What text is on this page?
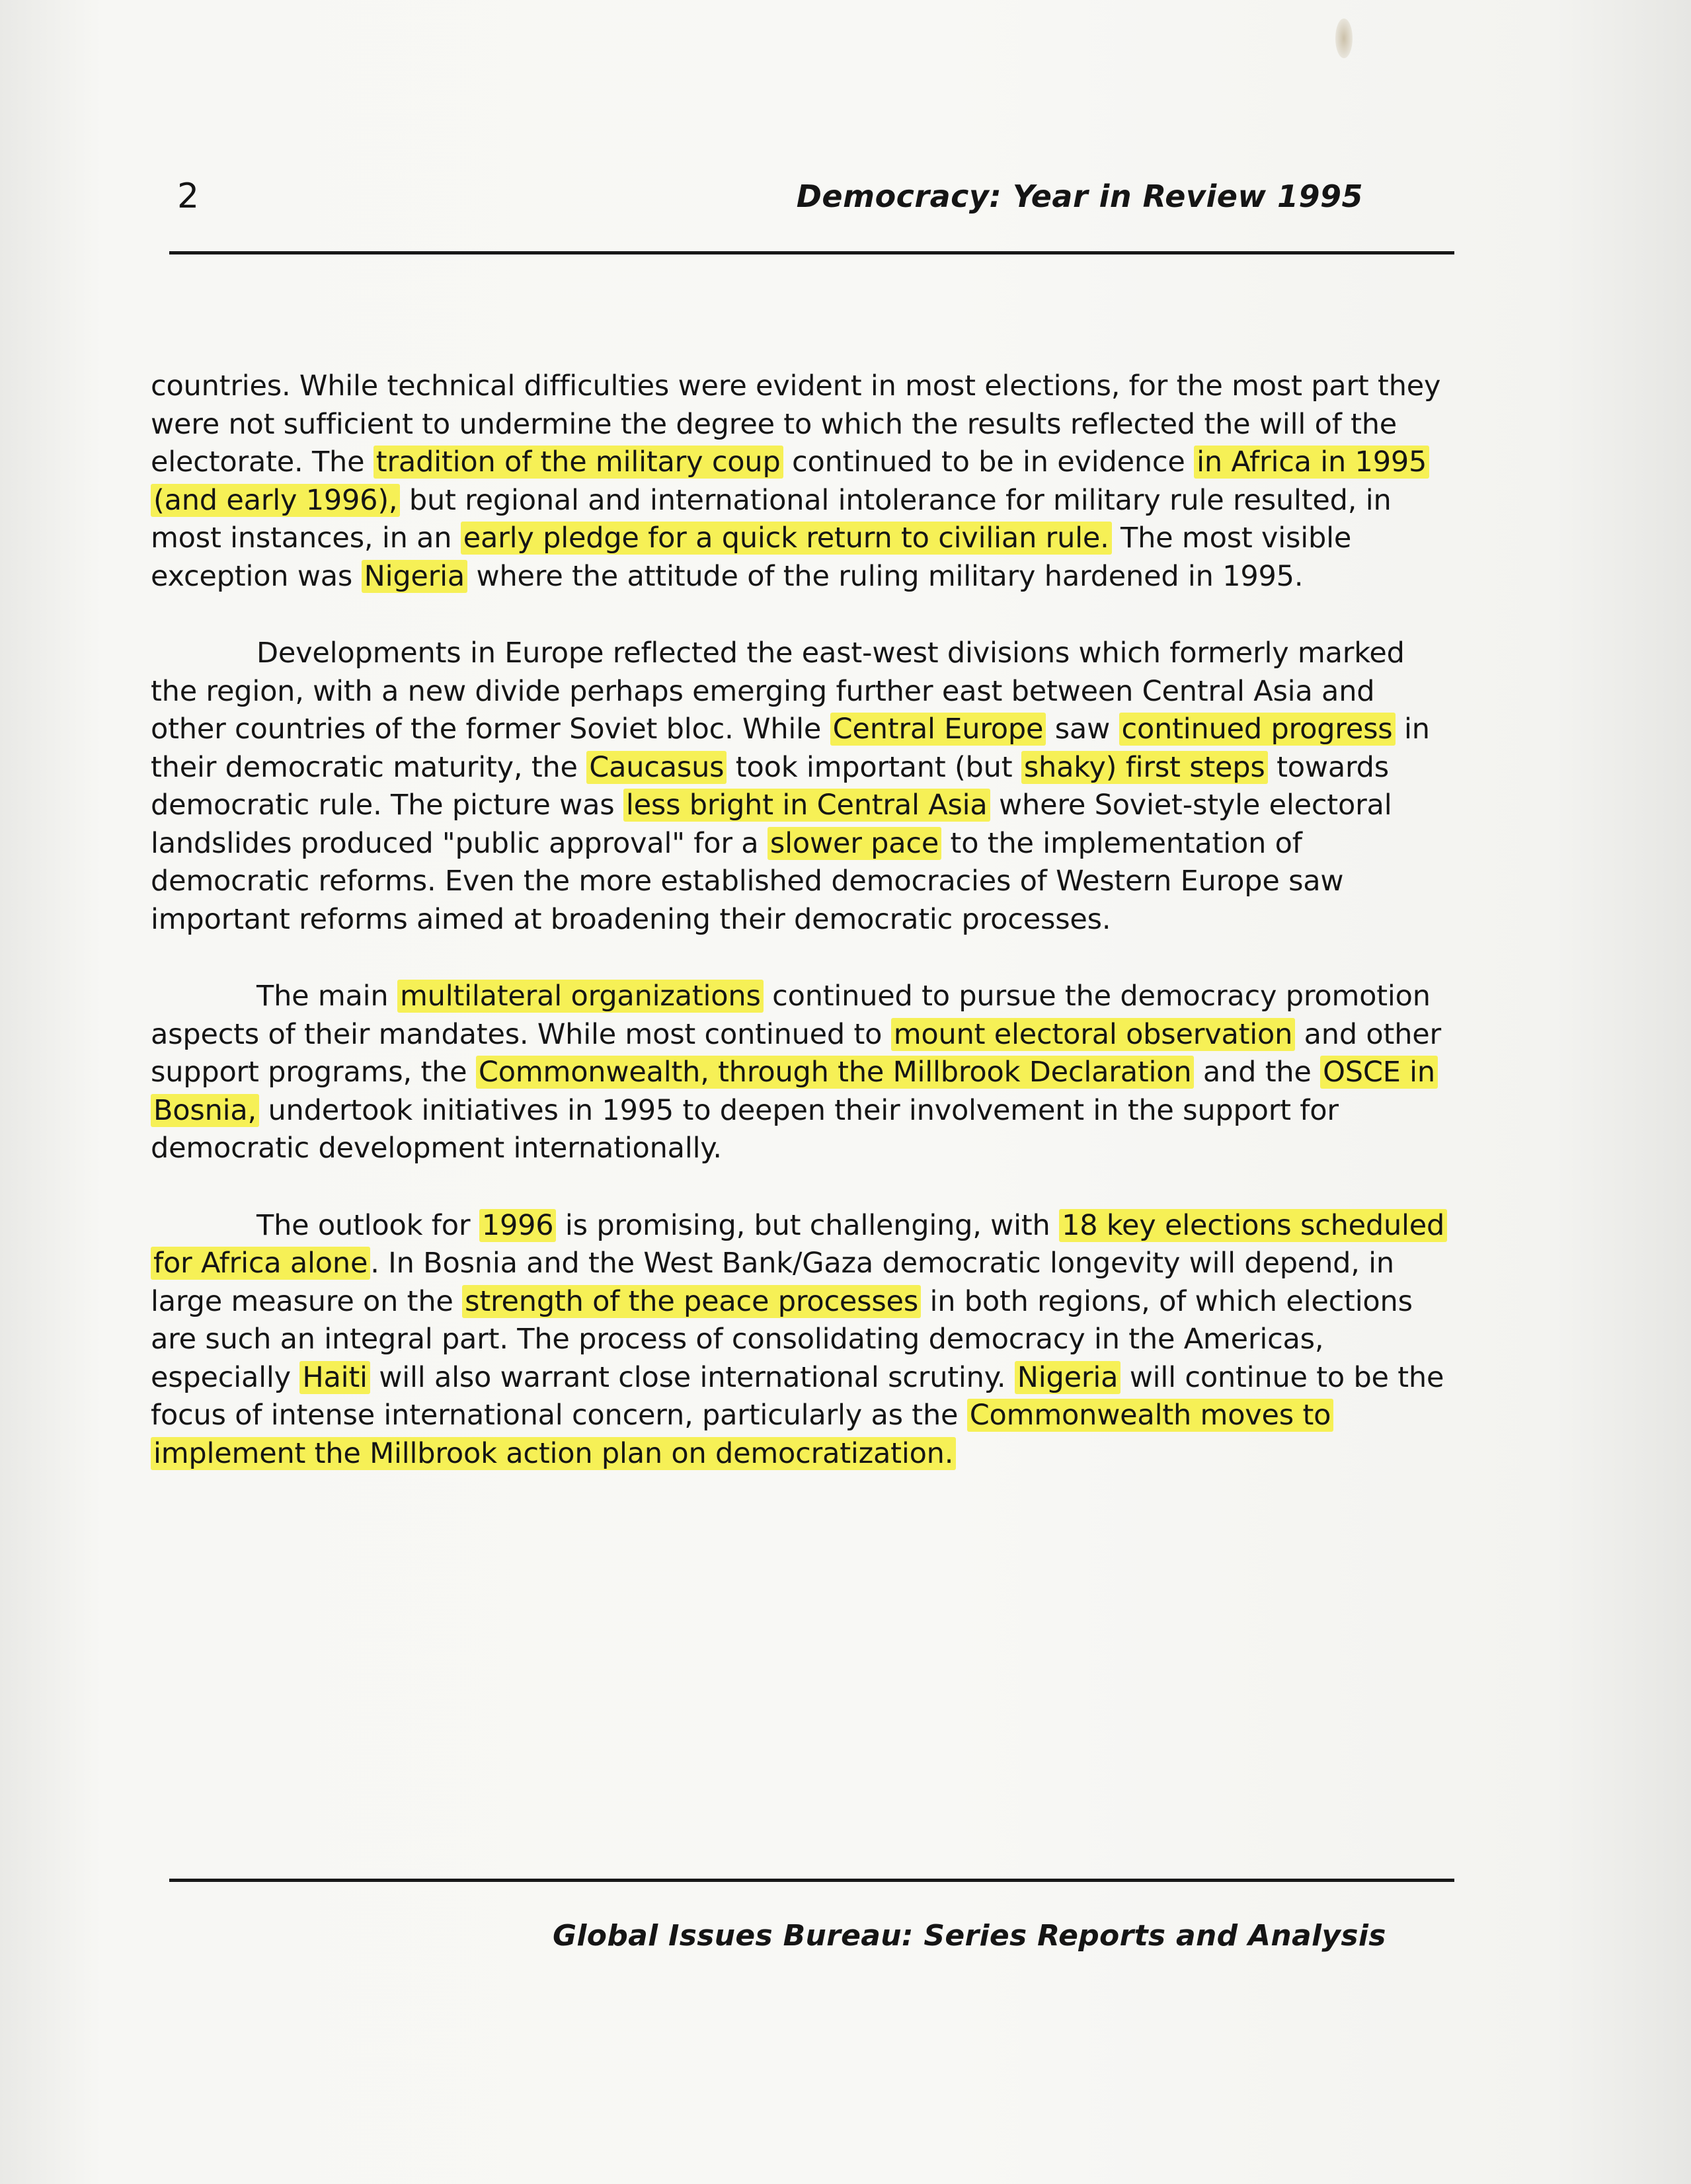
2	Democracy: Year in Review 1995

countries. While technical difficulties were evident in most elections, for the most part they were not sufficient to undermine the degree to which the results reflected the will of the electorate. The tradition of the military coup continued to be in evidence in Africa in 1995 (and early 1996), but regional and international intolerance for military rule resulted, in most instances, in an early pledge for a quick return to civilian rule. The most visible exception was Nigeria where the attitude of the ruling military hardened in 1995.

Developments in Europe reflected the east-west divisions which formerly marked the region, with a new divide perhaps emerging further east between Central Asia and other countries of the former Soviet bloc. While Central Europe saw continued progress in their democratic maturity, the Caucasus took important (but shaky) first steps towards democratic rule. The picture was less bright in Central Asia where Soviet-style electoral landslides produced "public approval" for a slower pace to the implementation of democratic reforms. Even the more established democracies of Western Europe saw important reforms aimed at broadening their democratic processes.

The main multilateral organizations continued to pursue the democracy promotion aspects of their mandates. While most continued to mount electoral observation and other support programs, the Commonwealth, through the Millbrook Declaration and the OSCE in Bosnia, undertook initiatives in 1995 to deepen their involvement in the support for democratic development internationally.

The outlook for 1996 is promising, but challenging, with 18 key elections scheduled for Africa alone. In Bosnia and the West Bank/Gaza democratic longevity will depend, in large measure on the strength of the peace processes in both regions, of which elections are such an integral part. The process of consolidating democracy in the Americas, especially Haiti will also warrant close international scrutiny. Nigeria will continue to be the focus of intense international concern, particularly as the Commonwealth moves to implement the Millbrook action plan on democratization.

Global Issues Bureau: Series Reports and Analysis
